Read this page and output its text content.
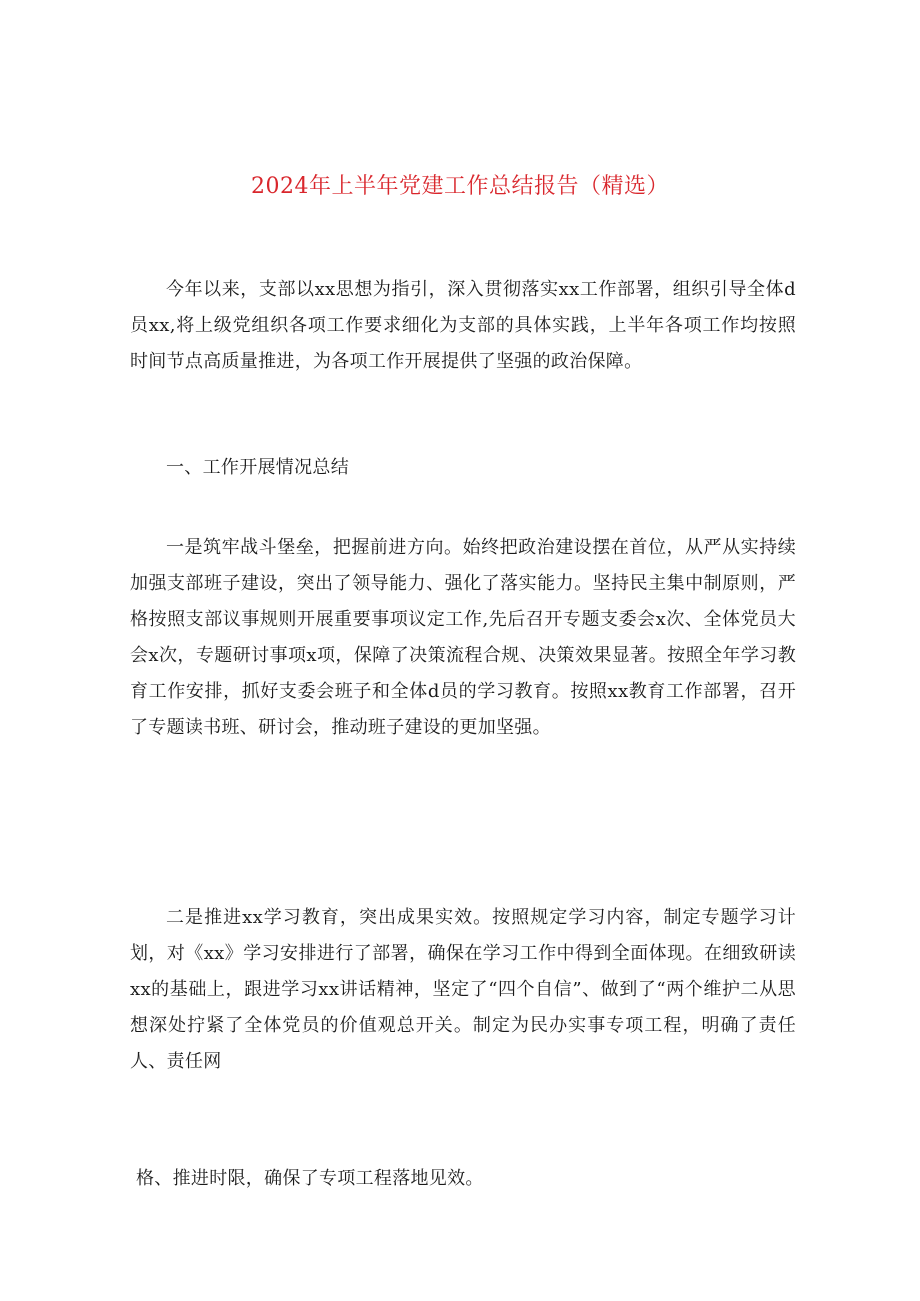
2024年上半年党建工作总结报告（精选）

今年以来，支部以xx思想为指引，深入贯彻落实xx工作部署，组织引导全体d员xx,将上级党组织各项工作要求细化为支部的具体实践，上半年各项工作均按照时间节点高质量推进，为各项工作开展提供了坚强的政治保障。

一、工作开展情况总结

一是筑牢战斗堡垒，把握前进方向。始终把政治建设摆在首位，从严从实持续加强支部班子建设，突出了领导能力、强化了落实能力。坚持民主集中制原则，严格按照支部议事规则开展重要事项议定工作,先后召开专题支委会x次、全体党员大会x次，专题研讨事项x项，保障了决策流程合规、决策效果显著。按照全年学习教育工作安排，抓好支委会班子和全体d员的学习教育。按照xx教育工作部署，召开了专题读书班、研讨会，推动班子建设的更加坚强。

二是推进xx学习教育，突出成果实效。按照规定学习内容，制定专题学习计划，对《xx》学习安排进行了部署，确保在学习工作中得到全面体现。在细致研读xx的基础上，跟进学习xx讲话精神，坚定了“四个自信”、做到了“两个维护二从思想深处拧紧了全体党员的价值观总开关。制定为民办实事专项工程，明确了责任人、责任网

格、推进时限，确保了专项工程落地见效。
